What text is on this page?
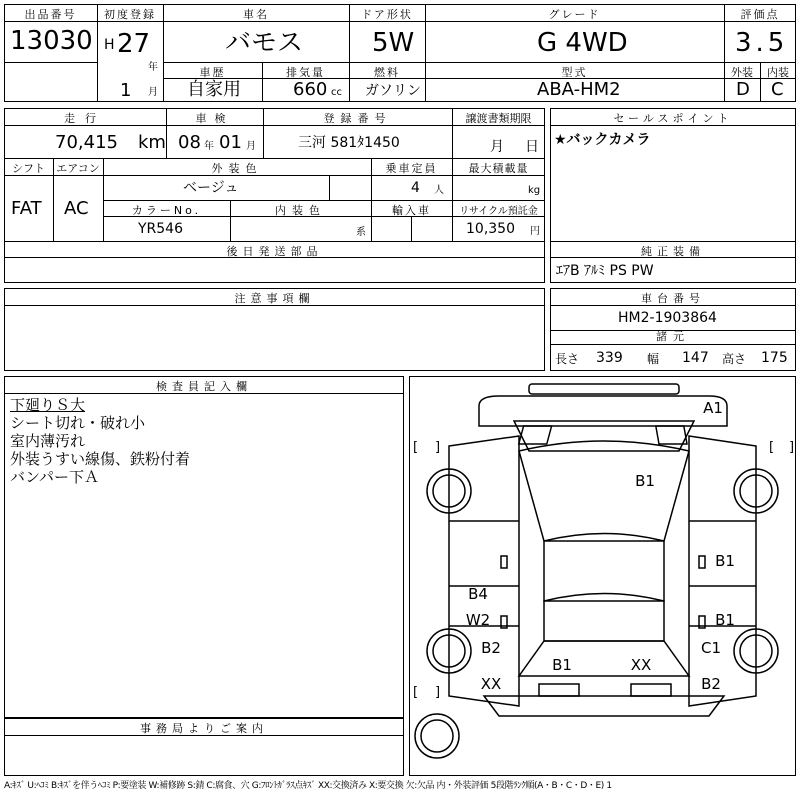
出品番号
13030
初度登録
H 27
年
1 月
車名
バモス
ドア形状
5W
グレード
G 4WD
評価点
3.5
車歴
自家用
排気量
660 cc
燃料
ガソリン
型式
ABA-HM2
外装	内装
D C
走行
70,415 km
車検
08 年 01 月
登録番号
三河 581ﾀ1450
譲渡書類期限
月 日
シフト
FAT
エアコン
AC
外装色
ベージュ
乗車定員
4 人
最大積載量
kg
カラーNo.
YR546
内装色
系
輸入車	リサイクル預託金
10,350 円
後日発送部品
セールスポイント
★バックカメラ
純正装備
ｴｱB ｱﾙﾐ PS PW
注意事項欄	車台番号
HM2-1903864
諸元
長さ 339 幅 147 高さ 175
検査員記入欄
下廻りＳ大
シート切れ・破れ小
室内薄汚れ
外装うすい線傷、鉄粉付着
バンパー下Ａ
事務局よりご案内
A1
B1
B1
B1
B4
W2
B2
B1	XX
C1
XX	B2
[ ]	[ ]
[ ]
A:ｷｽﾞ U:ﾍｺﾐ B:ｷｽﾞを伴うﾍｺﾐ P:要塗装 W:補修跡 S:錆 C:腐食、穴 G:ﾌﾛﾝﾄｶﾞﾗｽ点ｷｽﾞ XX:交換済み X:要交換 欠:欠品 内・外装評価 5段階ﾗﾝｸ順(A・B・C・D・E) 1
